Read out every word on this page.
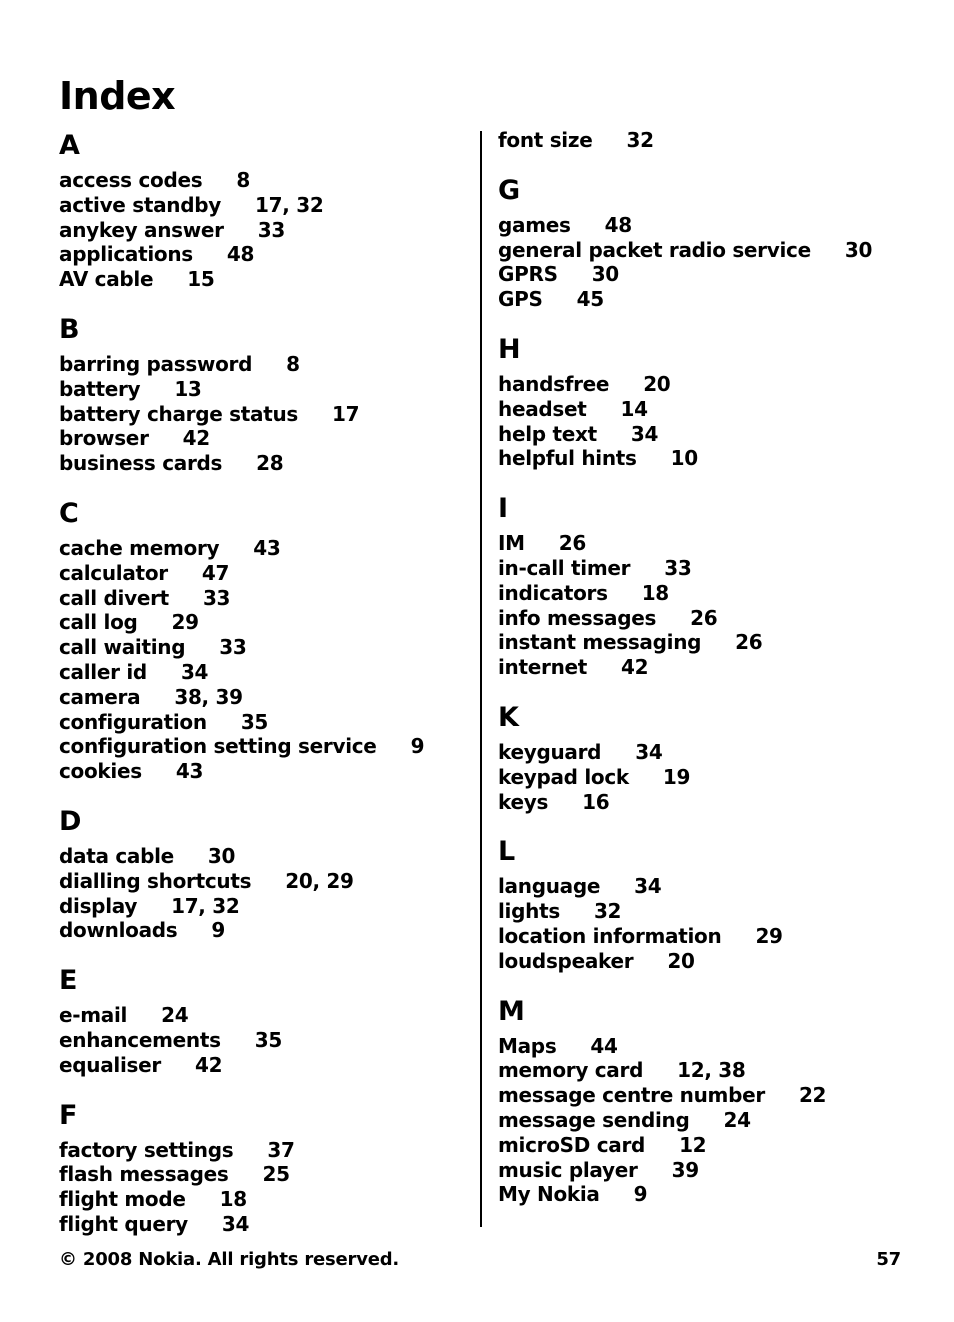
Index
A
access codes 8
active standby 17, 32
anykey answer 33
applications 48
AV cable 15
B
barring password 8
battery 13
battery charge status 17
browser 42
business cards 28
C
cache memory 43
calculator 47
call divert 33
call log 29
call waiting 33
caller id 34
camera 38, 39
configuration 35
configuration setting service 9
cookies 43
D
data cable 30
dialling shortcuts 20, 29
display 17, 32
downloads 9
E
e-mail 24
enhancements 35
equaliser 42
F
factory settings 37
flash messages 25
flight mode 18
flight query 34
font size 32
G
games 48
general packet radio service 30
GPRS 30
GPS 45
H
handsfree 20
headset 14
help text 34
helpful hints 10
I
IM 26
in-call timer 33
indicators 18
info messages 26
instant messaging 26
internet 42
K
keyguard 34
keypad lock 19
keys 16
L
language 34
lights 32
location information 29
loudspeaker 20
M
Maps 44
memory card 12, 38
message centre number 22
message sending 24
microSD card 12
music player 39
My Nokia 9
© 2008 Nokia. All rights reserved.	57
